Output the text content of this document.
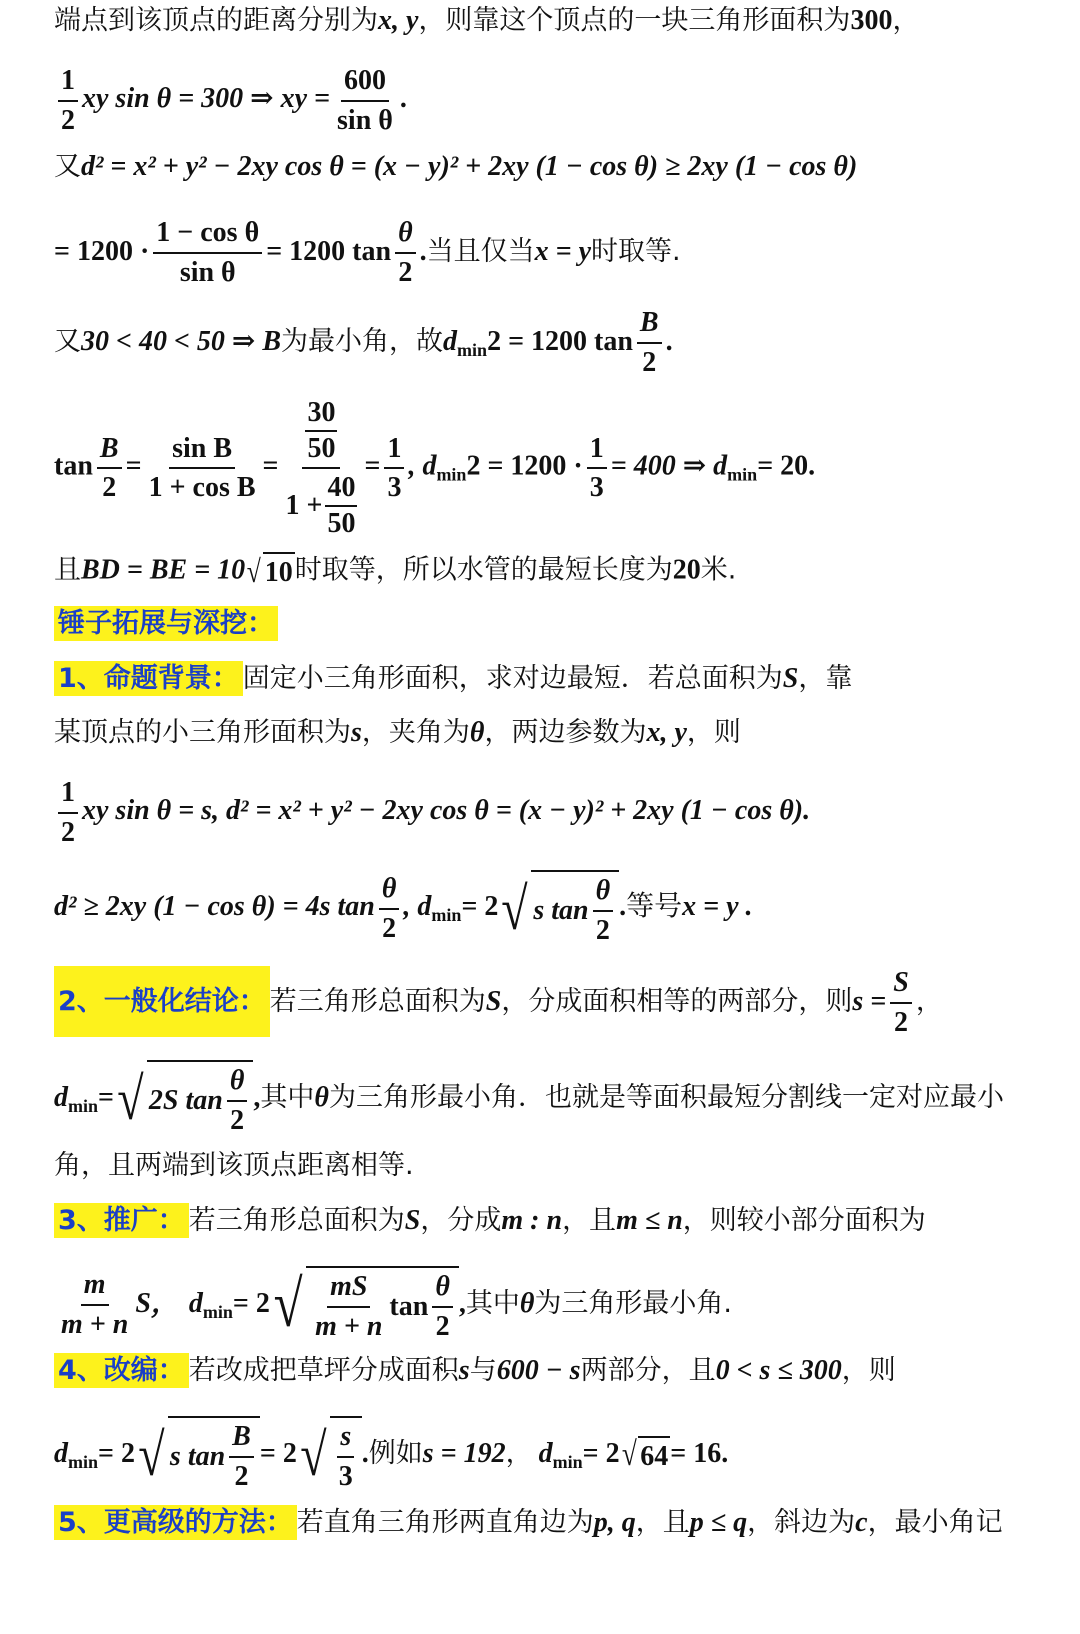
端点到该顶点的距离分别为x, y，则靠这个顶点的一块三角形面积为300，
$\frac{1}{2}$ xy sin θ = 300 ⇒ xy = $\frac{600}{\text{sin θ}}$ .
又d² = x² + y² − 2xy cos θ = (x − y)² + 2xy (1 − cos θ) ≥ 2xy (1 − cos θ)
= $1200 \cdot \frac{\text{1 − cos θ}}{\text{sin θ}} = 1200$ $\tan \frac{\theta}{2}$ .当且仅当x = y时取等.
又30 < 40 < 50 ⇒ B为最小角，故$d_{min}2 = 1200$ $\tan \frac{B}{2}$ .
$\tan \frac{B}{2} = \frac{\text{sin B}}{\text{1 + cos B}} = \frac{\frac{30}{50}}{1 + \frac{40}{50}} = \frac{1}{3}$ , $d_{min}2 = 1200 \cdot \frac{1}{3} = 400$ ⇒ $d_{min}= 20$.
且BD = BE = 10 √ 10 时取等，所以水管的最短长度为20米.
锤子拓展与深挖：
1、命题背景： 固定小三角形面积，求对边最短．若总面积为S，靠
某顶点的小三角形面积为s，夹角为θ，两边参数为x, y，则
$\frac{1}{2}$ xy sin θ = s, d² = x² + y² − 2xy cos θ = (x − y)² + 2xy (1 − cos θ).
d² ≥ 2xy (1 − cos θ) = 4s $\tan \frac{\theta}{2}$ , $d_{min}= 2$ √ s $\tan \frac{\theta}{2}$ .等号x = y .
2、一般化结论： 若三角形总面积为S，分成面积相等的两部分，则$s = \frac{S}{2}$ ，
$d_{min}=$ √ 2S $\tan \frac{\theta}{2}$ ,其中θ为三角形最小角．也就是等面积最短分割线一定对应最小
角，且两端到该顶点距离相等.
3、推广： 若三角形总面积为S，分成m : n，且m ≤ n，则较小部分面积为
$\frac{m}{m + n}$ S， $d_{min}= 2$ √ $\frac{mS}{m + n}$ $\tan \frac{\theta}{2}$ ,其中θ为三角形最小角.
4、改编： 若改成把草坪分成面积s与600 − s两部分，且0 < s ≤ 300，则
$d_{min}= 2$ √ s $\tan \frac{B}{2} = 2$ √ $\frac{s}{3}$ .例如s = 192， $d_{min}= 2$ √ 64 = 16.
5、更高级的方法： 若直角三角形两直角边为p, q，且p ≤ q，斜边为c，最小角记
